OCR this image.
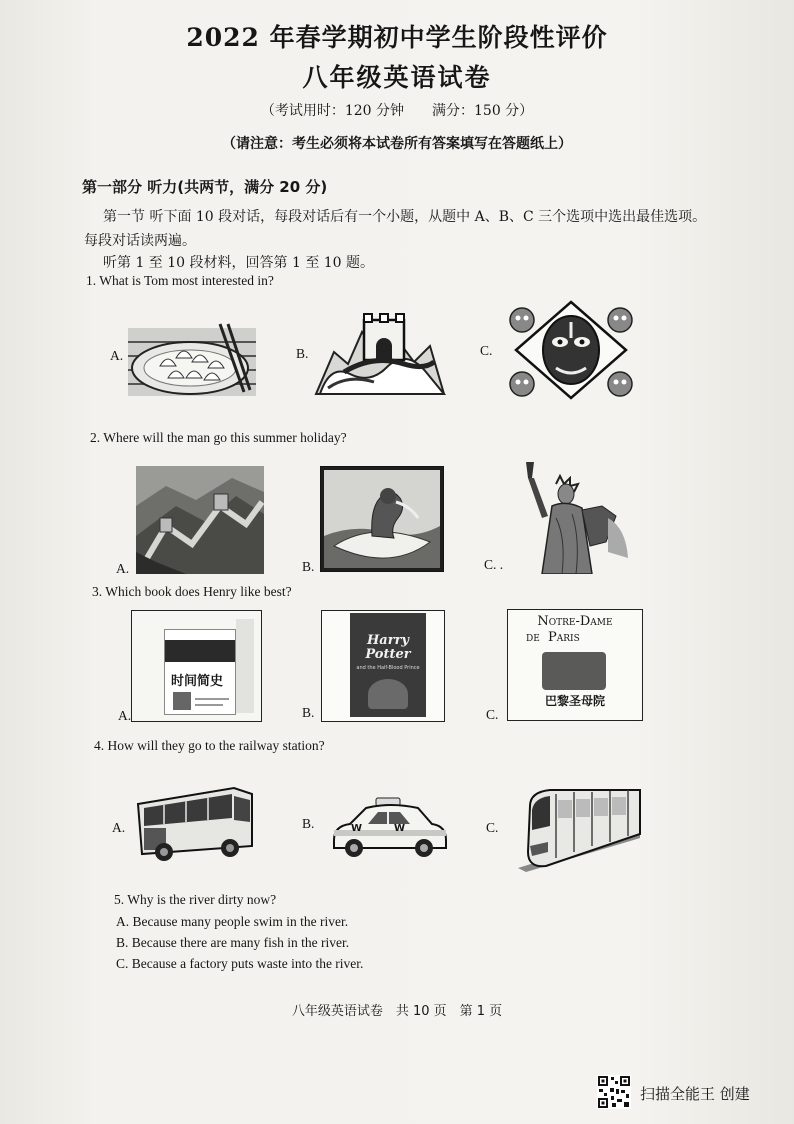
2022 年春学期初中学生阶段性评价
八年级英语试卷
（考试用时：120 分钟　　满分：150 分）
（请注意：考生必须将本试卷所有答案填写在答题纸上）
第一部分 听力(共两节，满分 20 分)
第一节 听下面 10 段对话，每段对话后有一个小题，从题中 A、B、C 三个选项中选出最佳选项。
每段对话读两遍。
听第 1 至 10 段材料，回答第 1 至 10 题。
1. What is Tom most interested in?
A.	B.	C.
2. Where will the man go this summer holiday?
A.	B.	C. .
3. Which book does Henry like best?
A.	B.	C.
时间简史
Harry
Potter
and the Half-Blood Prince
Notre-Dame
de Paris
巴黎圣母院
4. How will they go to the railway station?
A.	B.	C.
W	W
5. Why is the river dirty now?
A. Because many people swim in the river.
B. Because there are many fish in the river.
C. Because a factory puts waste into the river.
八年级英语试卷　共 10 页　第 1 页
扫描全能王 创建
